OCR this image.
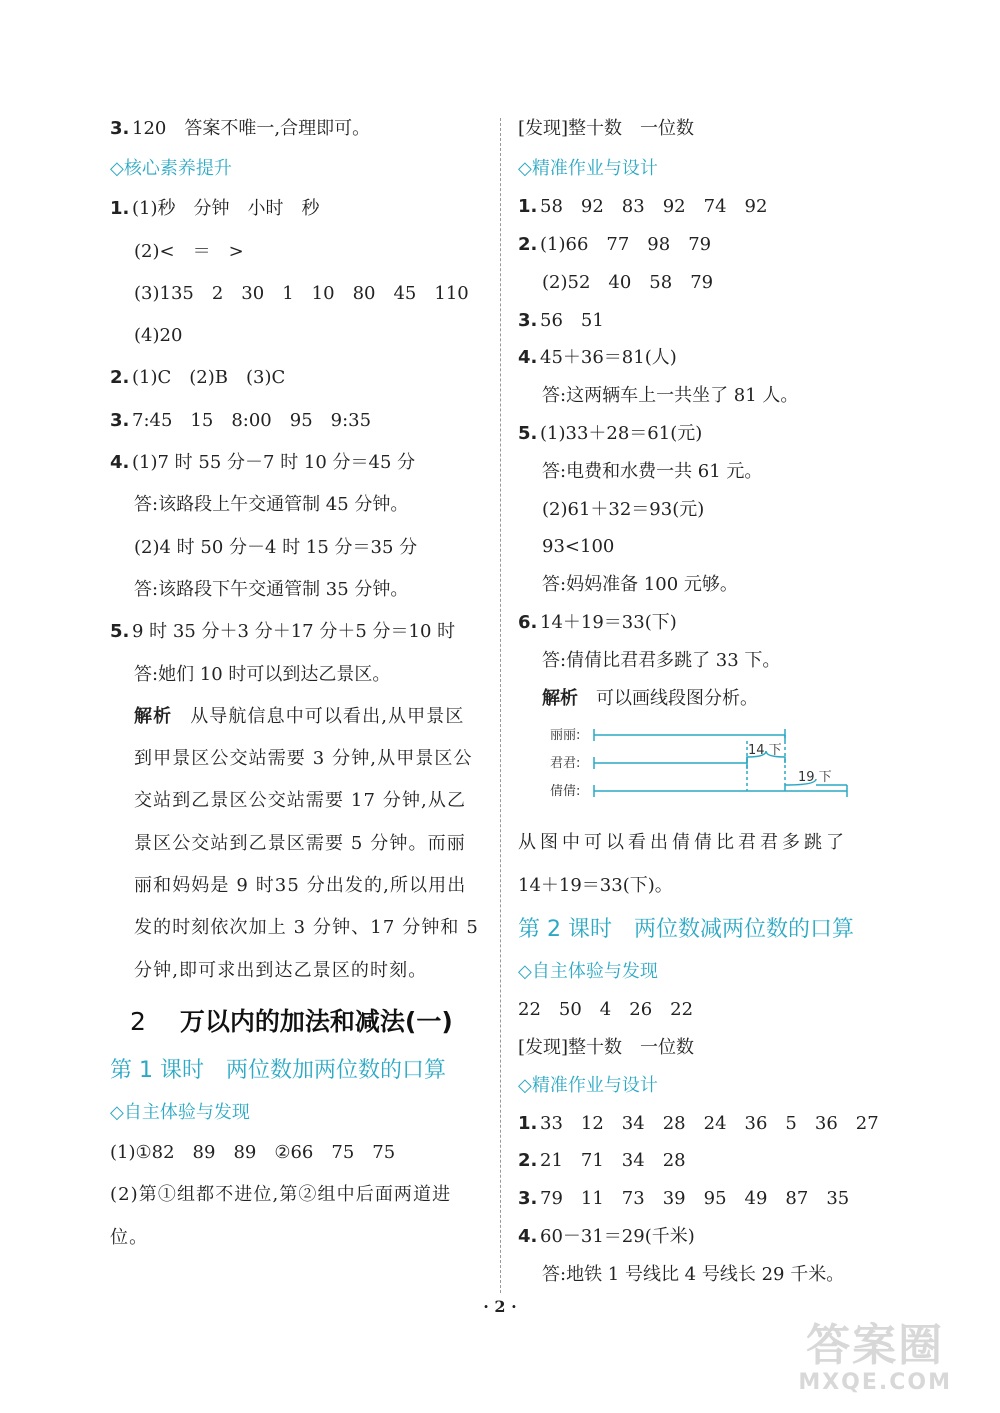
3. 120　答案不唯一,合理即可。
◇核心素养提升
1. (1)秒　分钟　小时　秒
(2)<　＝　>
(3)135　2　30　1　10　80　45　110
(4)20
2. (1)C　(2)B　(3)C
3. 7:45　15　8:00　95　9:35
4. (1)7 时 55 分－7 时 10 分＝45 分
答:该路段上午交通管制 45 分钟。
(2)4 时 50 分－4 时 15 分＝35 分
答:该路段下午交通管制 35 分钟。
5. 9 时 35 分＋3 分＋17 分＋5 分＝10 时
答:她们 10 时可以到达乙景区。
解析 从导航信息中可以看出,从甲景区到甲景区公交站需要 3 分钟,从甲景区公交站到乙景区公交站需要 17 分钟,从乙景区公交站到乙景区需要 5 分钟。而丽丽和妈妈是 9 时35 分出发的,所以用出发的时刻依次加上 3 分钟、17 分钟和 5 分钟,即可求出到达乙景区的时刻。
2 万以内的加法和减法(一)
第 1 课时　两位数加两位数的口算
◇自主体验与发现
(1)①82　89　89　②66　75　75
(2)第①组都不进位,第②组中后面两道进位。
[发现]整十数　一位数
◇精准作业与设计
1. 58　92　83　92　74　92
2. (1)66　77　98　79
(2)52　40　58　79
3. 56　51
4. 45＋36＝81(人)
答:这两辆车上一共坐了 81 人。
5. (1)33＋28＝61(元)
答:电费和水费一共 61 元。
(2)61＋32＝93(元)
93<100
答:妈妈准备 100 元够。
6. 14＋19＝33(下)
答:倩倩比君君多跳了 33 下。
解析 可以画线段图分析。
丽丽:
君君:
倩倩:
14 下
19 下
从图中可以看出倩倩比君君多跳了
14＋19＝33(下)。
第 2 课时　两位数减两位数的口算
◇自主体验与发现
22　50　4　26　22
[发现]整十数　一位数
◇精准作业与设计
1. 33　12　34　28　24　36　5　36　27
2. 21　71　34　28
3. 79　11　73　39　95　49　87　35
4. 60－31＝29(千米)
答:地铁 1 号线比 4 号线长 29 千米。
· 2 ·
答案圈
MXQE.COM
